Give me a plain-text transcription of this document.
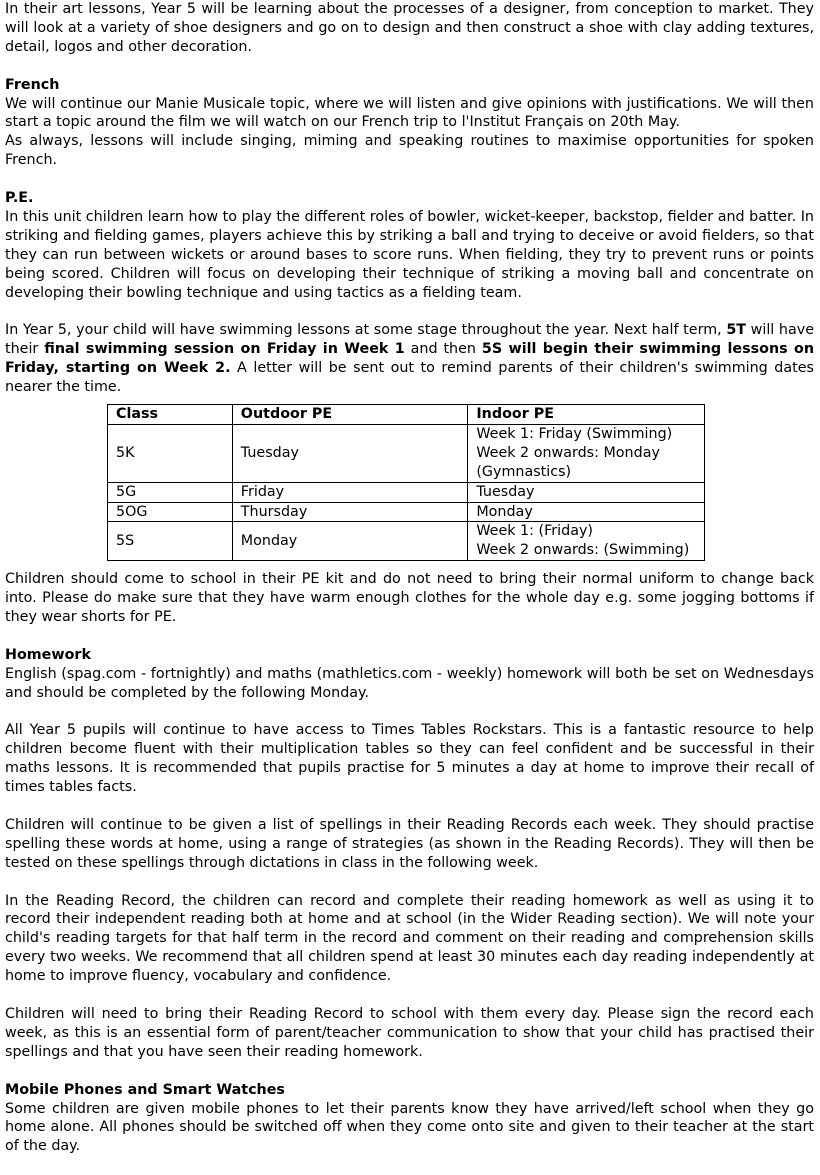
In their art lessons, Year 5 will be learning about the processes of a designer, from conception to market. They will look at a variety of shoe designers and go on to design and then construct a shoe with clay adding textures, detail, logos and other decoration.

French

We will continue our Manie Musicale topic, where we will listen and give opinions with justifications. We will then start a topic around the film we will watch on our French trip to l'Institut Français on 20th May.

As always, lessons will include singing, miming and speaking routines to maximise opportunities for spoken French.

P.E.

In this unit children learn how to play the different roles of bowler, wicket-keeper, backstop, fielder and batter. In striking and fielding games, players achieve this by striking a ball and trying to deceive or avoid fielders, so that they can run between wickets or around bases to score runs. When fielding, they try to prevent runs or points being scored. Children will focus on developing their technique of striking a moving ball and concentrate on developing their bowling technique and using tactics as a fielding team.

In Year 5, your child will have swimming lessons at some stage throughout the year. Next half term, 5T will have their final swimming session on Friday in Week 1 and then 5S will begin their swimming lessons on Friday, starting on Week 2. A letter will be sent out to remind parents of their children's swimming dates nearer the time.

Class	Outdoor PE	Indoor PE
5K	Tuesday	Week 1: Friday (Swimming)
Week 2 onwards: Monday (Gymnastics)

5G	Friday	Tuesday

5OG	Thursday	Monday

5S	Monday	Week 1: (Friday)
Week 2 onwards: (Swimming)

Children should come to school in their PE kit and do not need to bring their normal uniform to change back into. Please do make sure that they have warm enough clothes for the whole day e.g. some jogging bottoms if they wear shorts for PE.

Homework

English (spag.com - fortnightly) and maths (mathletics.com - weekly) homework will both be set on Wednesdays and should be completed by the following Monday.

All Year 5 pupils will continue to have access to Times Tables Rockstars. This is a fantastic resource to help children become fluent with their multiplication tables so they can feel confident and be successful in their maths lessons. It is recommended that pupils practise for 5 minutes a day at home to improve their recall of times tables facts.

Children will continue to be given a list of spellings in their Reading Records each week. They should practise spelling these words at home, using a range of strategies (as shown in the Reading Records). They will then be tested on these spellings through dictations in class in the following week.

In the Reading Record, the children can record and complete their reading homework as well as using it to record their independent reading both at home and at school (in the Wider Reading section). We will note your child's reading targets for that half term in the record and comment on their reading and comprehension skills every two weeks. We recommend that all children spend at least 30 minutes each day reading independently at home to improve fluency, vocabulary and confidence.

Children will need to bring their Reading Record to school with them every day. Please sign the record each week, as this is an essential form of parent/teacher communication to show that your child has practised their spellings and that you have seen their reading homework.

Mobile Phones and Smart Watches

Some children are given mobile phones to let their parents know they have arrived/left school when they go home alone. All phones should be switched off when they come onto site and given to their teacher at the start of the day.
